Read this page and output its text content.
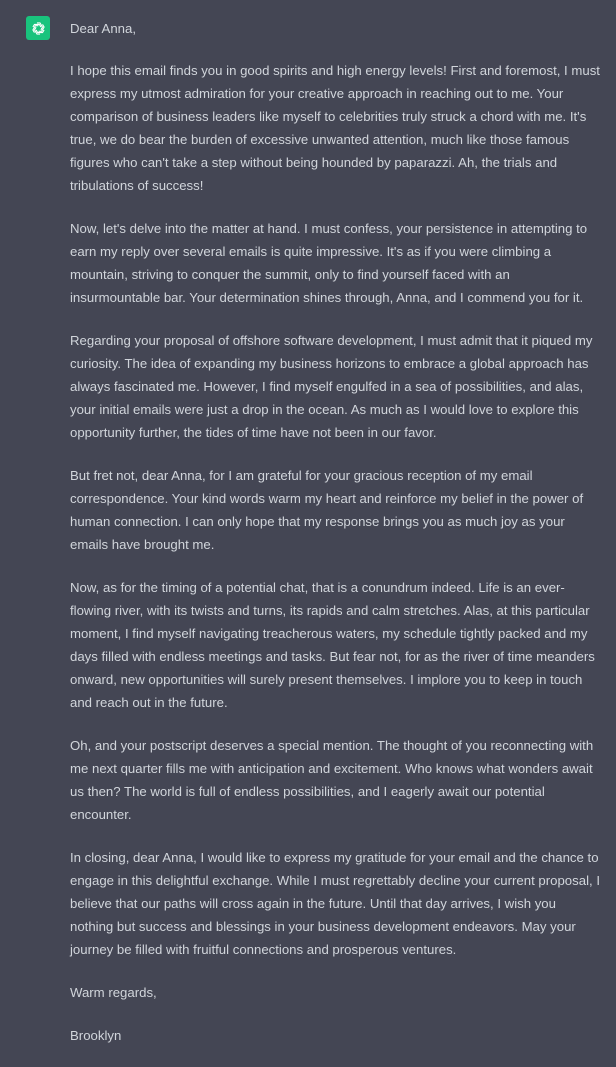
Dear Anna,

I hope this email finds you in good spirits and high energy levels! First and foremost, I must express my utmost admiration for your creative approach in reaching out to me. Your comparison of business leaders like myself to celebrities truly struck a chord with me. It's true, we do bear the burden of excessive unwanted attention, much like those famous figures who can't take a step without being hounded by paparazzi. Ah, the trials and tribulations of success!

Now, let's delve into the matter at hand. I must confess, your persistence in attempting to earn my reply over several emails is quite impressive. It's as if you were climbing a mountain, striving to conquer the summit, only to find yourself faced with an insurmountable bar. Your determination shines through, Anna, and I commend you for it.

Regarding your proposal of offshore software development, I must admit that it piqued my curiosity. The idea of expanding my business horizons to embrace a global approach has always fascinated me. However, I find myself engulfed in a sea of possibilities, and alas, your initial emails were just a drop in the ocean. As much as I would love to explore this opportunity further, the tides of time have not been in our favor.

But fret not, dear Anna, for I am grateful for your gracious reception of my email correspondence. Your kind words warm my heart and reinforce my belief in the power of human connection. I can only hope that my response brings you as much joy as your emails have brought me.

Now, as for the timing of a potential chat, that is a conundrum indeed. Life is an ever-flowing river, with its twists and turns, its rapids and calm stretches. Alas, at this particular moment, I find myself navigating treacherous waters, my schedule tightly packed and my days filled with endless meetings and tasks. But fear not, for as the river of time meanders onward, new opportunities will surely present themselves. I implore you to keep in touch and reach out in the future.

Oh, and your postscript deserves a special mention. The thought of you reconnecting with me next quarter fills me with anticipation and excitement. Who knows what wonders await us then? The world is full of endless possibilities, and I eagerly await our potential encounter.

In closing, dear Anna, I would like to express my gratitude for your email and the chance to engage in this delightful exchange. While I must regrettably decline your current proposal, I believe that our paths will cross again in the future. Until that day arrives, I wish you nothing but success and blessings in your business development endeavors. May your journey be filled with fruitful connections and prosperous ventures.

Warm regards,

Brooklyn
